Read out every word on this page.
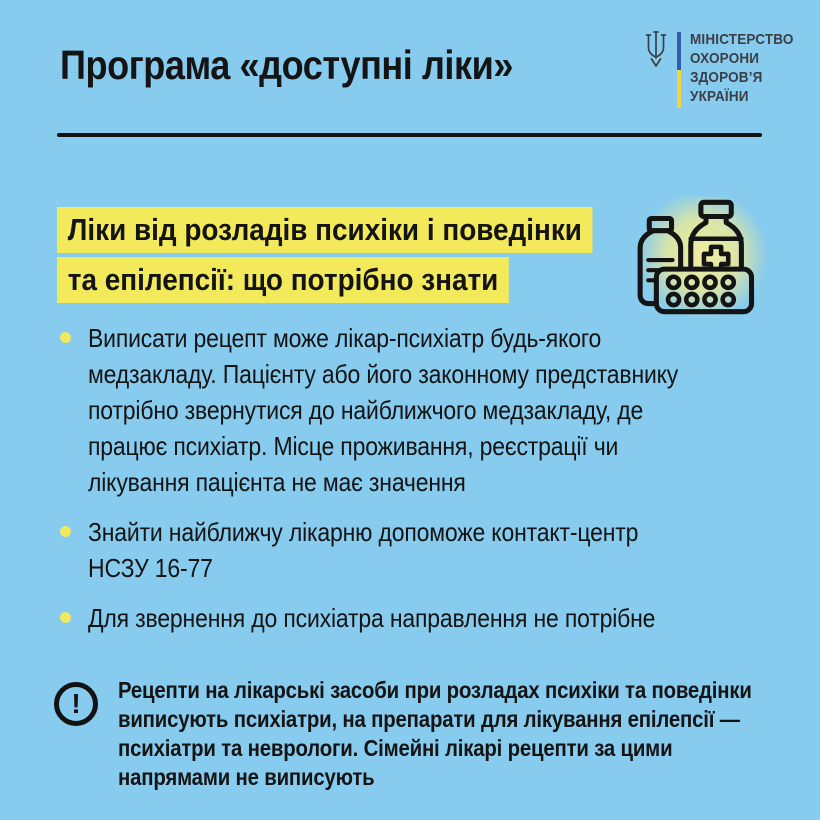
Програма «доступні ліки»
МІНІСТЕРСТВО
ОХОРОНИ
ЗДОРОВ’Я
УКРАЇНИ
Ліки від розладів психіки і поведінки
та епілепсії: що потрібно знати
Виписати рецепт може лікар-психіатр будь-якого медзакладу. Пацієнту або його законному представнику потрібно звернутися до найближчого медзакладу, де працює психіатр. Місце проживання, реєстрації чи лікування пацієнта не має значення
Знайти найближчу лікарню допоможе контакт-центр НСЗУ 16-77
Для звернення до психіатра направлення не потрібне
!	Рецепти на лікарські засоби при розладах психіки та поведінки виписують психіатри, на препарати для лікування епілепсії — психіатри та неврологи. Сімейні лікарі рецепти за цими напрямами не виписують
